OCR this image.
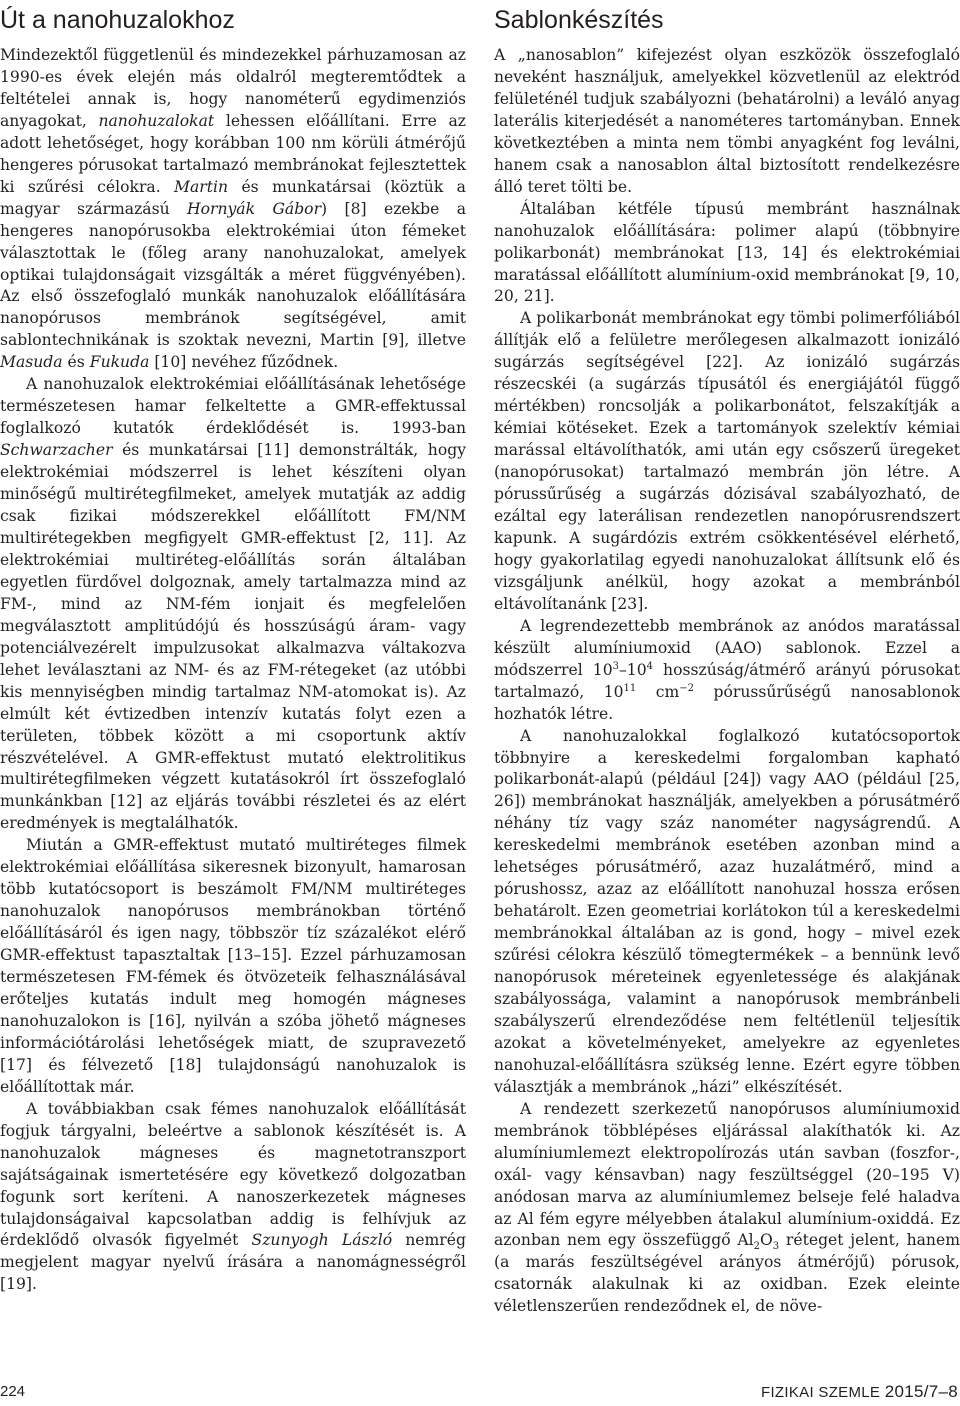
Út a nanohuzalokhoz

Mindezektől függetlenül és mindezekkel párhuzamosan az 1990-es évek elején más oldalról megteremtődtek a feltételei annak is, hogy nanométerű egydimenziós anyagokat, nanohuzalokat lehessen előállítani. Erre az adott lehetőséget, hogy korábban 100 nm körüli átmérőjű hengeres pórusokat tartalmazó membránokat fejlesztettek ki szűrési célokra. Martin és munkatársai (köztük a magyar származású Hornyák Gábor) [8] ezekbe a hengeres nanopórusokba elektrokémiai úton fémeket választottak le (főleg arany nanohuzalokat, amelyek optikai tulajdonságait vizsgálták a méret függvényében). Az első összefoglaló munkák nanohuzalok előállítására nanopórusos membránok segítségével, amit sablontechnikának is szoktak nevezni, Martin [9], illetve Masuda és Fukuda [10] nevéhez fűződnek.

A nanohuzalok elektrokémiai előállításának lehetősége természetesen hamar felkeltette a GMR-effektussal foglalkozó kutatók érdeklődését is. 1993-ban Schwarzacher és munkatársai [11] demonstrálták, hogy elektrokémiai módszerrel is lehet készíteni olyan minőségű multirétegfilmeket, amelyek mutatják az addig csak fizikai módszerekkel előállított FM/NM multirétegekben megfigyelt GMR-effektust [2, 11]. Az elektrokémiai multiréteg-előállítás során általában egyetlen fürdővel dolgoznak, amely tartalmazza mind az FM-, mind az NM-fém ionjait és megfelelően megválasztott amplitúdójú és hosszúságú áram- vagy potenciálvezérelt impulzusokat alkalmazva váltakozva lehet leválasztani az NM- és az FM-rétegeket (az utóbbi kis mennyiségben mindig tartalmaz NM-atomokat is). Az elmúlt két évtizedben intenzív kutatás folyt ezen a területen, többek között a mi csoportunk aktív részvételével. A GMR-effektust mutató elektrolitikus multirétegfilmeken végzett kutatásokról írt összefoglaló munkánkban [12] az eljárás további részletei és az elért eredmények is megtalálhatók.

Miután a GMR-effektust mutató multiréteges filmek elektrokémiai előállítása sikeresnek bizonyult, hamarosan több kutatócsoport is beszámolt FM/NM multiréteges nanohuzalok nanopórusos membránokban történő előállításáról és igen nagy, többször tíz százalékot elérő GMR-effektust tapasztaltak [13–15]. Ezzel párhuzamosan természetesen FM-fémek és ötvözeteik felhasználásával erőteljes kutatás indult meg homogén mágneses nanohuzalokon is [16], nyilván a szóba jöhető mágneses információtárolási lehetőségek miatt, de szupravezető [17] és félvezető [18] tulajdonságú nanohuzalok is előállítottak már.

A továbbiakban csak fémes nanohuzalok előállítását fogjuk tárgyalni, beleértve a sablonok készítését is. A nanohuzalok mágneses és magnetotranszport sajátságainak ismertetésére egy következő dolgozatban fogunk sort keríteni. A nanoszerkezetek mágneses tulajdonságaival kapcsolatban addig is felhívjuk az érdeklődő olvasók figyelmét Szunyogh László nemrég megjelent magyar nyelvű írására a nanomágnességről [19].

Sablonkészítés

A „nanosablon” kifejezést olyan eszközök összefoglaló neveként használjuk, amelyekkel közvetlenül az elektród felületénél tudjuk szabályozni (behatárolni) a leváló anyag laterális kiterjedését a nanométeres tartományban. Ennek következtében a minta nem tömbi anyagként fog leválni, hanem csak a nanosablon által biztosított rendelkezésre álló teret tölti be.

Általában kétféle típusú membránt használnak nanohuzalok előállítására: polimer alapú (többnyire polikarbonát) membránokat [13, 14] és elektrokémiai maratással előállított alumínium-oxid membránokat [9, 10, 20, 21].

A polikarbonát membránokat egy tömbi polimerfóliából állítják elő a felületre merőlegesen alkalmazott ionizáló sugárzás segítségével [22]. Az ionizáló sugárzás részecskéi (a sugárzás típusától és energiájától függő mértékben) roncsolják a polikarbonátot, felszakítják a kémiai kötéseket. Ezek a tartományok szelektív kémiai marással eltávolíthatók, ami után egy csőszerű üregeket (nanopórusokat) tartalmazó membrán jön létre. A pórussűrűség a sugárzás dózisával szabályozható, de ezáltal egy laterálisan rendezetlen nanopórusrendszert kapunk. A sugárdózis extrém csökkentésével elérhető, hogy gyakorlatilag egyedi nanohuzalokat állítsunk elő és vizsgáljunk anélkül, hogy azokat a membránból eltávolítanánk [23].

A legrendezettebb membránok az anódos maratással készült alumíniumoxid (AAO) sablonok. Ezzel a módszerrel $10^3-10^4$ hosszúság/átmérő arányú pórusokat tartalmazó, $10^{11}$ $cm^{-2}$ pórussűrűségű nanosablonok hozhatók létre.

A nanohuzalokkal foglalkozó kutatócsoportok többnyire a kereskedelmi forgalomban kapható polikarbonát-alapú (például [24]) vagy AAO (például [25, 26]) membránokat használják, amelyekben a pórusátmérő néhány tíz vagy száz nanométer nagyságrendű. A kereskedelmi membránok esetében azonban mind a lehetséges pórusátmérő, azaz huzalátmérő, mind a pórushossz, azaz az előállított nanohuzal hossza erősen behatárolt. Ezen geometriai korlátokon túl a kereskedelmi membránokkal általában az is gond, hogy – mivel ezek szűrési célokra készülő tömegtermékek – a bennünk levő nanopórusok méreteinek egyenletessége és alakjának szabályossága, valamint a nanopórusok membránbeli szabályszerű elrendeződése nem feltétlenül teljesítik azokat a követelményeket, amelyekre az egyenletes nanohuzal-előállításra szükség lenne. Ezért egyre többen választják a membránok „házi” elkészítését.

A rendezett szerkezetű nanopórusos alumíniumoxid membránok többlépéses eljárással alakíthatók ki. Az alumíniumlemezt elektropolírozás után savban (foszfor-, oxál- vagy kénsavban) nagy feszültséggel (20–195 V) anódosan marva az alumíniumlemez belseje felé haladva az Al fém egyre mélyebben átalakul alumínium-oxiddá. Ez azonban nem egy összefüggő $Al_2O_3$ réteget jelent, hanem (a marás feszültségével arányos átmérőjű) pórusok, csatornák alakulnak ki az oxidban. Ezek eleinte véletlenszerűen rendeződnek el, de növe-

224	FIZIKAI SZEMLE 2015/7–8
